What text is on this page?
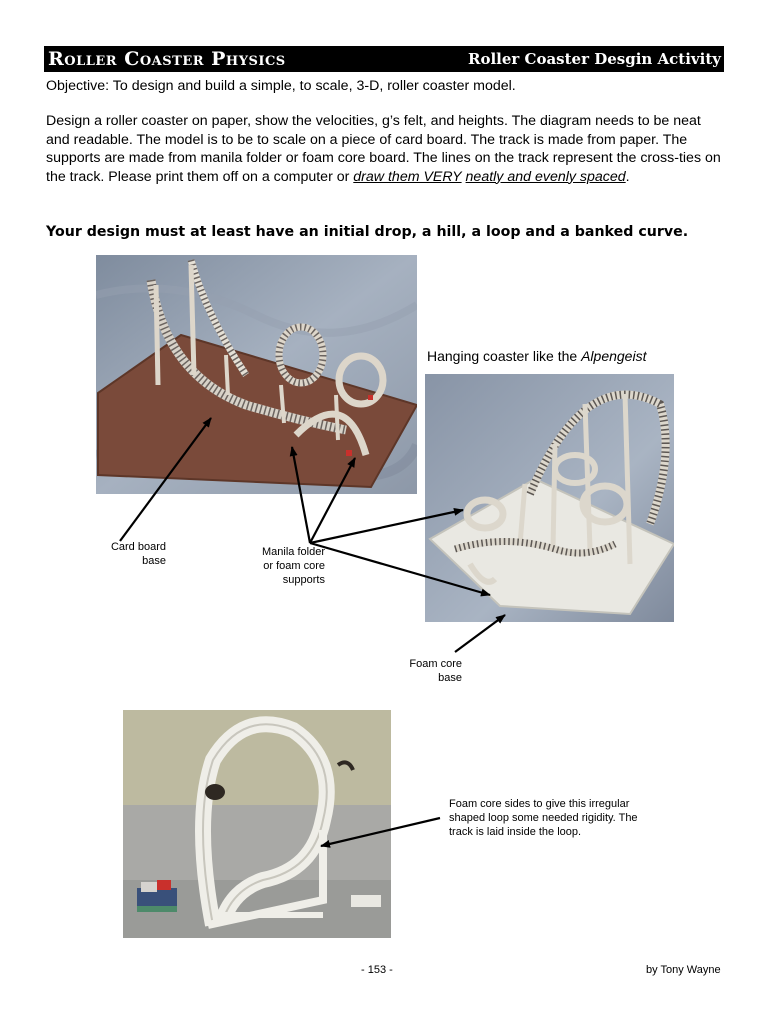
Roller Coaster Physics	Roller Coaster Desgin Activity
Objective: To design and build a simple, to scale, 3-D, roller coaster model.
Design a roller coaster on paper, show the velocities, g’s felt, and heights. The diagram needs to be neat and readable. The model is to be to scale on a piece of card board. The track is made from paper. The supports are made from manila folder or foam core board. The lines on the track represent the cross-ties on the track. Please print them off on a computer or draw them VERY neatly and evenly spaced.
Your design must at least have an initial drop, a hill, a loop and a banked curve.
Hanging coaster like the Alpengeist
Card board
base
Manila folder
or foam core
supports
Foam core
base
Foam core sides to give this irregular shaped loop some needed rigidity. The track is laid inside the loop.
- 153 -	by Tony Wayne
